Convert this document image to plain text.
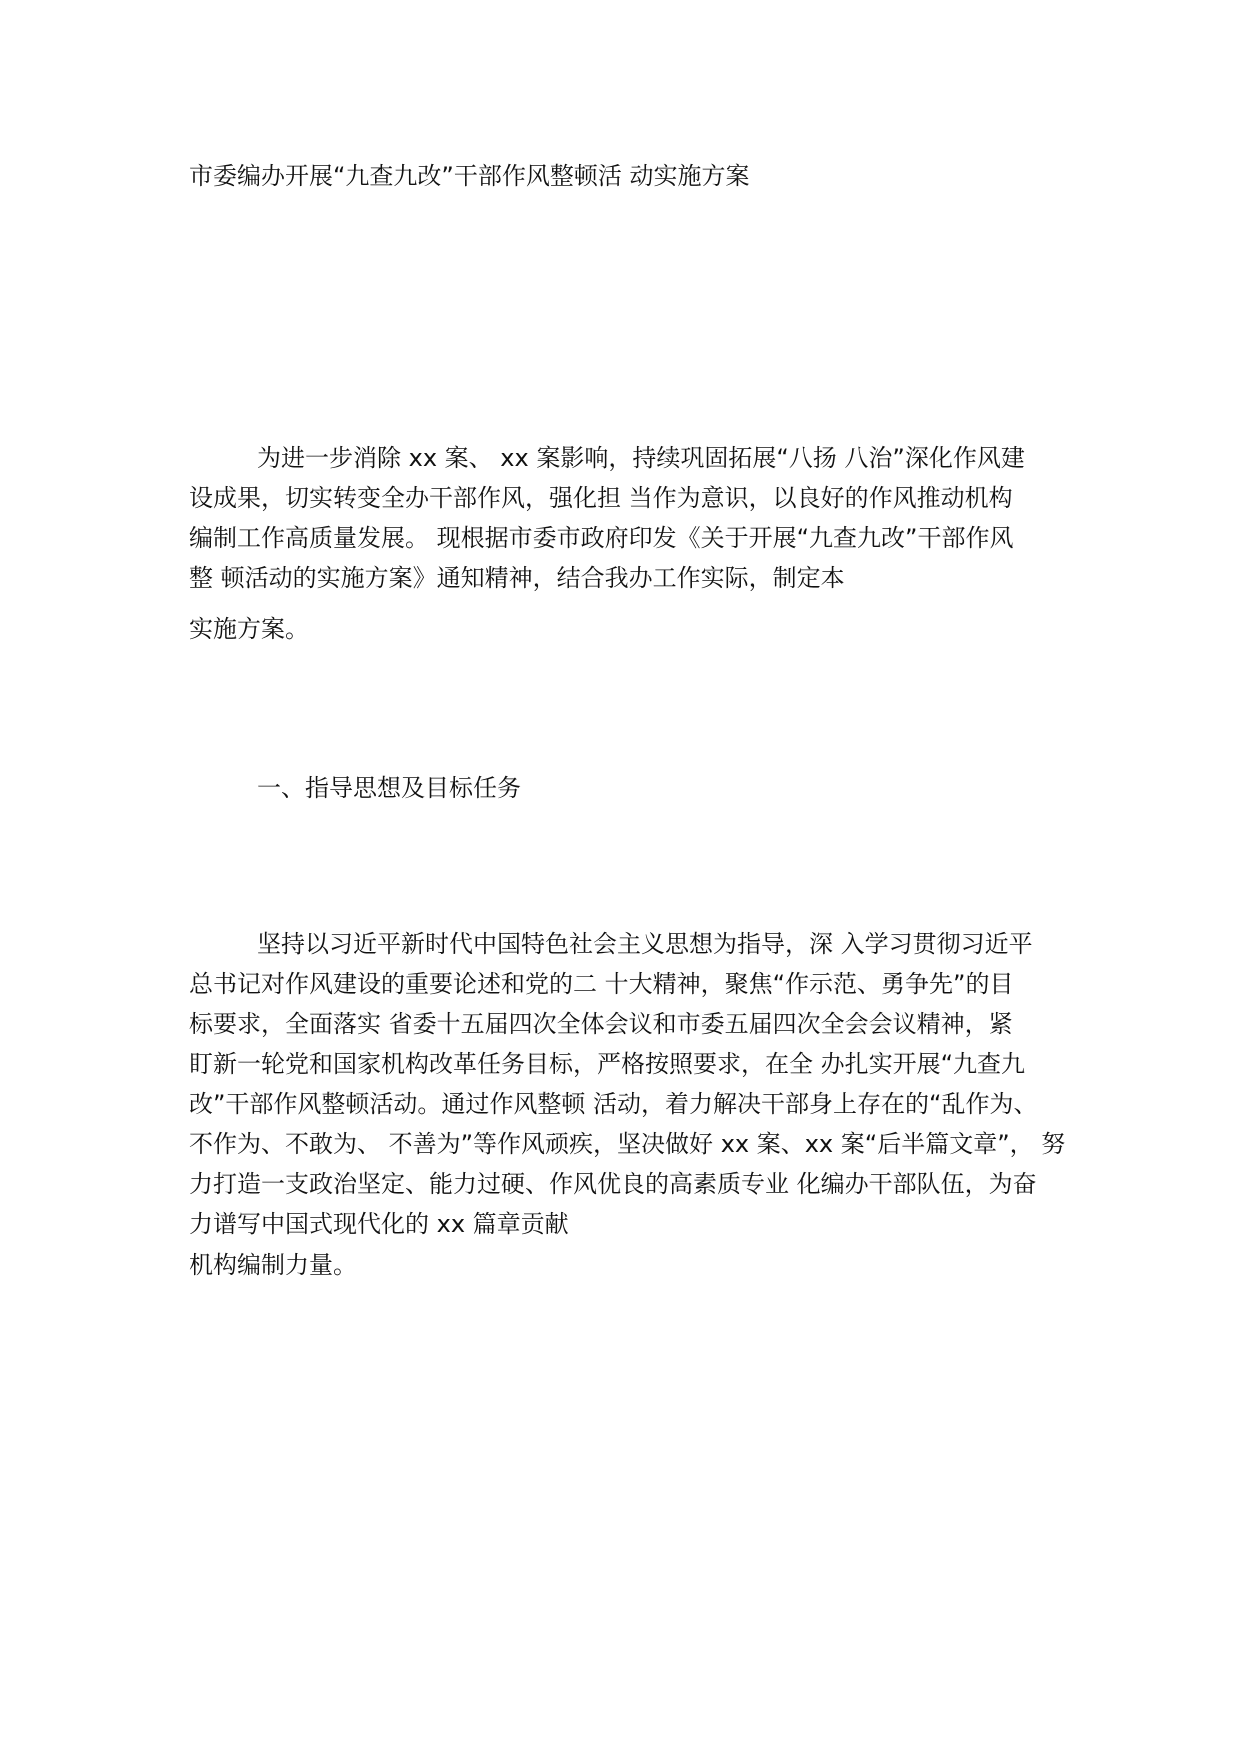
市委编办开展“九查九改”干部作风整顿活 动实施方案
为进一步消除 xx 案、 xx 案影响，持续巩固拓展“八扬 八治”深化作风建
设成果，切实转变全办干部作风，强化担 当作为意识，以良好的作风推动机构
编制工作高质量发展。 现根据市委市政府印发《关于开展“九查九改”干部作风
整 顿活动的实施方案》通知精神，结合我办工作实际，制定本
实施方案。
一、指导思想及目标任务
坚持以习近平新时代中国特色社会主义思想为指导，深 入学习贯彻习近平
总书记对作风建设的重要论述和党的二 十大精神，聚焦“作示范、勇争先”的目
标要求，全面落实 省委十五届四次全体会议和市委五届四次全会会议精神，紧
盯新一轮党和国家机构改革任务目标，严格按照要求，在全 办扎实开展“九查九
改”干部作风整顿活动。通过作风整顿 活动，着力解决干部身上存在的“乱作为、
不作为、不敢为、 不善为”等作风顽疾，坚决做好 xx 案、xx 案“后半篇文章”， 努
力打造一支政治坚定、能力过硬、作风优良的高素质专业 化编办干部队伍，为奋
力谱写中国式现代化的 xx 篇章贡献
机构编制力量。
